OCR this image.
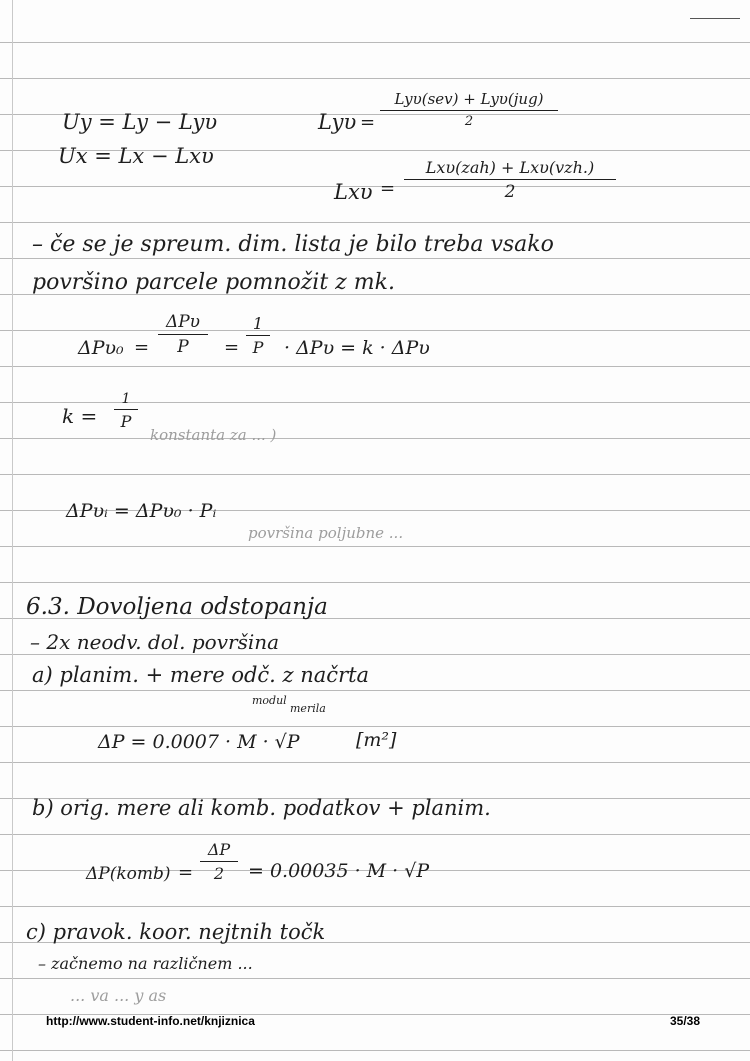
Uy = Ly − Lyυ

Ux = Lx − Lxυ

Lyυ =
Lyυ(sev) + Lyυ(jug)
2

Lxυ =
Lxυ(zah) + Lxυ(vzh.)
2

– če se je spreum. dim. lista je bilo treba vsako

površino parcele pomnožit z mk.

ΔPυ₀ =
ΔPυ
P =
1
P · ΔPυ = k · ΔPυ

k =

1
P

konstanta za ... )

ΔPυᵢ = ΔPυ₀ · Pᵢ

površina poljubne ...

6.3. Dovoljena odstopanja

– 2x neodv. dol. površina

a) planim. + mere odč. z načrta

modul

merila

ΔP = 0.0007 · M · √P	[m²]

b) orig. mere ali komb. podatkov + planim.

ΔP(komb) =
ΔP
2 = 0.00035 · M · √P

c) pravok. koor. nejtnih točk

– začnemo na različnem ...

... va ... y as

http://www.student-info.net/knjiznica	35/38
